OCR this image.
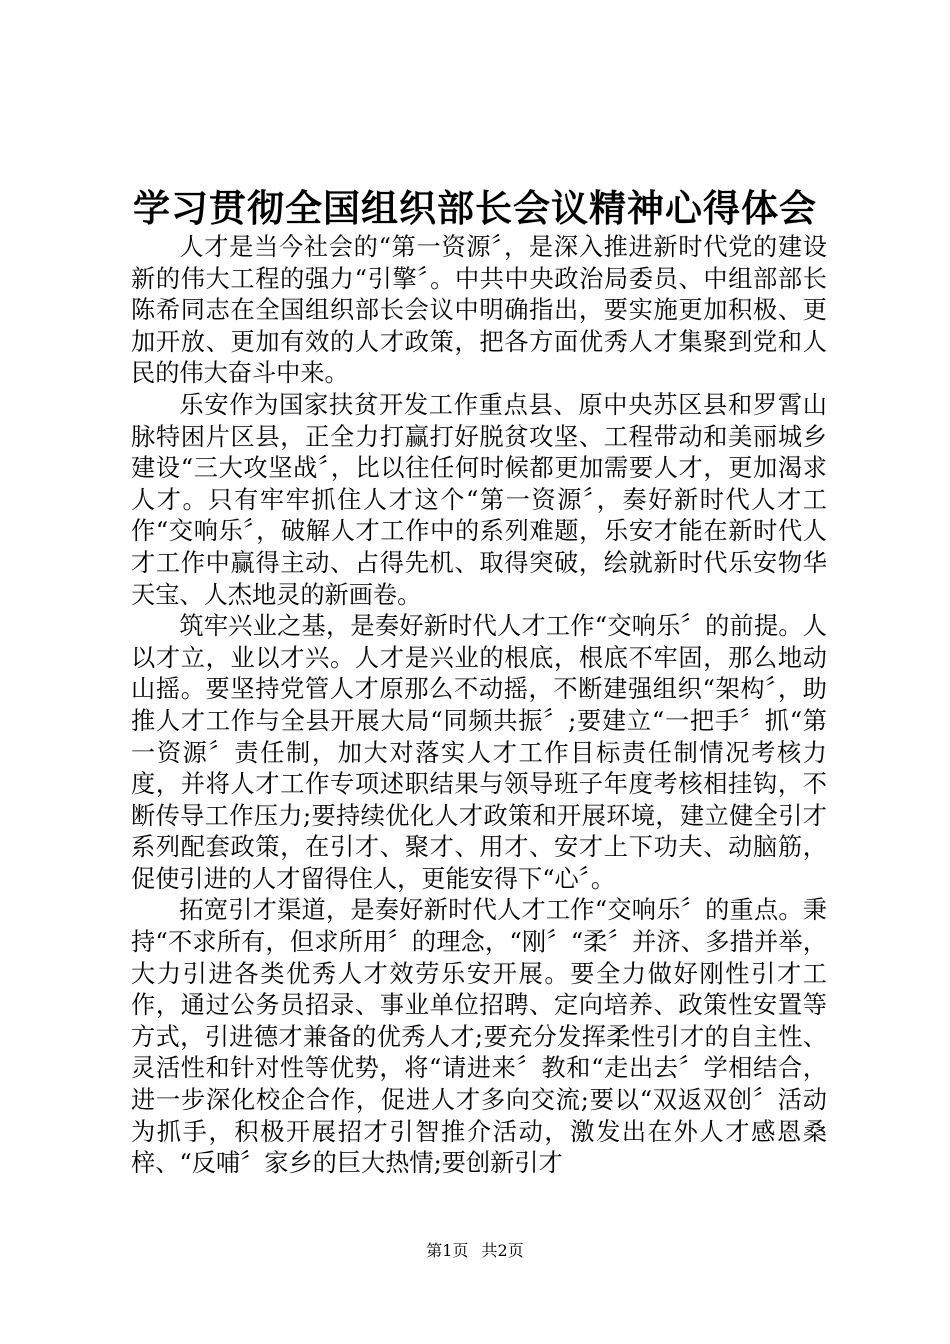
学习贯彻全国组织部长会议精神心得体会

人才是当今社会的“第一资源〞，是深入推进新时代党的建设新的伟大工程的强力“引擎〞。中共中央政治局委员、中组部部长陈希同志在全国组织部长会议中明确指出，要实施更加积极、更加开放、更加有效的人才政策，把各方面优秀人才集聚到党和人民的伟大奋斗中来。

乐安作为国家扶贫开发工作重点县、原中央苏区县和罗霄山脉特困片区县，正全力打赢打好脱贫攻坚、工程带动和美丽城乡建设“三大攻坚战〞，比以往任何时候都更加需要人才，更加渴求人才。只有牢牢抓住人才这个“第一资源〞，奏好新时代人才工作“交响乐〞，破解人才工作中的系列难题，乐安才能在新时代人才工作中赢得主动、占得先机、取得突破，绘就新时代乐安物华天宝、人杰地灵的新画卷。

筑牢兴业之基，是奏好新时代人才工作“交响乐〞的前提。人以才立，业以才兴。人才是兴业的根底，根底不牢固，那么地动山摇。要坚持党管人才原那么不动摇，不断建强组织“架构〞，助推人才工作与全县开展大局“同频共振〞;要建立“一把手〞抓“第一资源〞责任制，加大对落实人才工作目标责任制情况考核力度，并将人才工作专项述职结果与领导班子年度考核相挂钩，不断传导工作压力;要持续优化人才政策和开展环境，建立健全引才系列配套政策，在引才、聚才、用才、安才上下功夫、动脑筋，促使引进的人才留得住人，更能安得下“心〞。

拓宽引才渠道，是奏好新时代人才工作“交响乐〞的重点。秉持“不求所有，但求所用〞的理念，“刚〞“柔〞并济、多措并举，大力引进各类优秀人才效劳乐安开展。要全力做好刚性引才工作，通过公务员招录、事业单位招聘、定向培养、政策性安置等方式，引进德才兼备的优秀人才;要充分发挥柔性引才的自主性、灵活性和针对性等优势，将“请进来〞教和“走出去〞学相结合，进一步深化校企合作，促进人才多向交流;要以“双返双创〞活动为抓手，积极开展招才引智推介活动，激发出在外人才感恩桑梓、“反哺〞家乡的巨大热情;要创新引才

第1页 共2页
